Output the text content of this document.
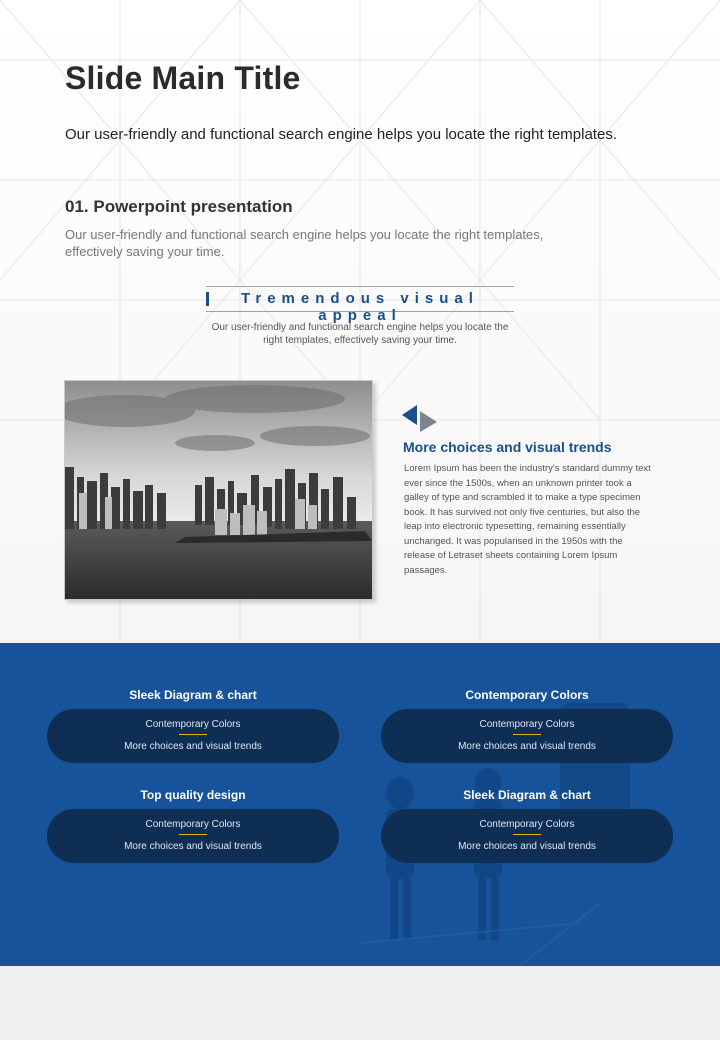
Slide Main Title

Our user-friendly and functional search engine helps you locate the right templates.

01. Powerpoint presentation

Our user-friendly and functional search engine helps you locate the right templates, effectively saving your time.

Tremendous visual appeal

Our user-friendly and functional search engine helps you locate the right templates, effectively saving your time.

More choices and visual trends

Lorem Ipsum has been the industry's standard dummy text ever since the 1500s, when an unknown printer took a galley of type and scrambled it to make a type specimen book. It has survived not only five centuries, but also the leap into electronic typesetting, remaining essentially unchanged. It was popularised in the 1950s with the release of Letraset sheets containing Lorem Ipsum passages.

Sleek Diagram & chart
Contemporary Colors
More choices and visual trends
Contemporary Colors
Contemporary Colors
More choices and visual trends
Top quality design
Contemporary Colors
More choices and visual trends
Sleek Diagram & chart
Contemporary Colors
More choices and visual trends
